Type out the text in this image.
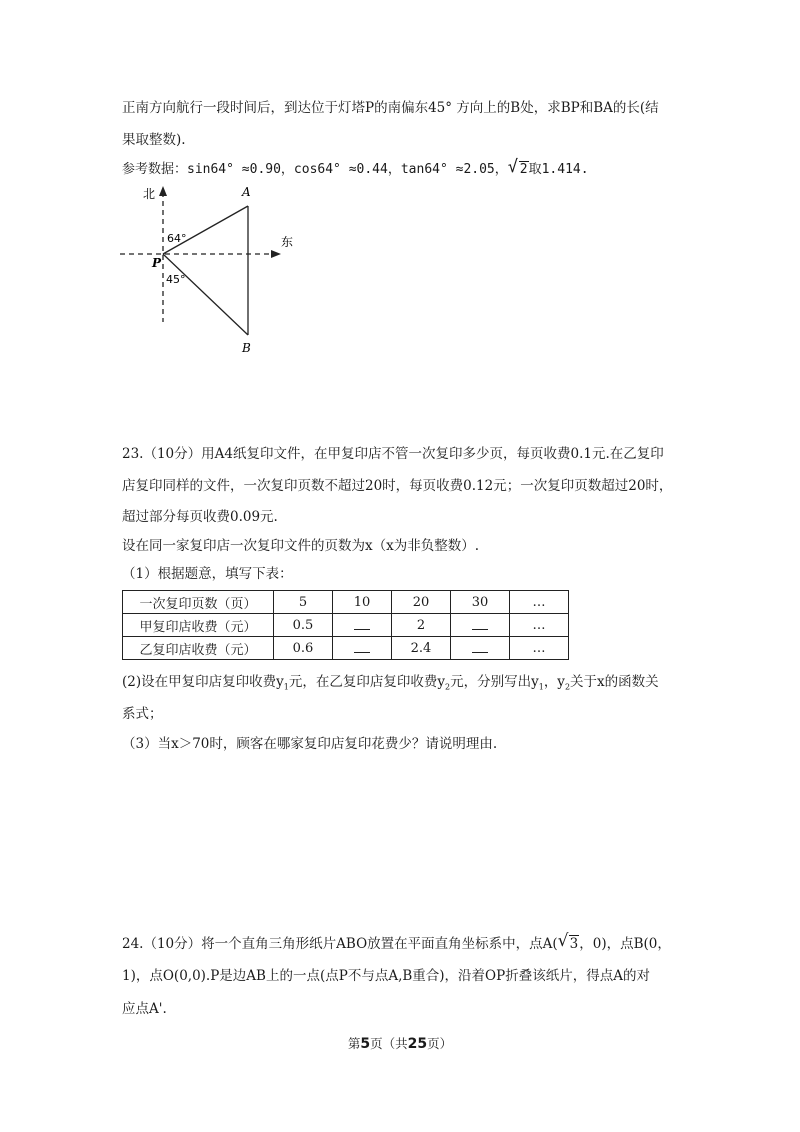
正南方向航行一段时间后，到达位于灯塔P的南偏东45° 方向上的B处，求BP和BA的长(结
果取整数).
参考数据：sin64° ≈0.90，cos64° ≈0.44，tan64° ≈2.05， √ 2取1.414.
北
东
A
B
P
64°
45°
23.（10分）用A4纸复印文件，在甲复印店不管一次复印多少页，每页收费0.1元.在乙复印
店复印同样的文件，一次复印页数不超过20时，每页收费0.12元；一次复印页数超过20时，
超过部分每页收费0.09元.
设在同一家复印店一次复印文件的页数为x（x为非负整数）.
（1）根据题意，填写下表：
一次复印页数（页）	5	10	20	30	…
甲复印店收费（元）	0.5		2		…
乙复印店收费（元）	0.6		2.4		…
(2)设在甲复印店复印收费$y_1$元，在乙复印店复印收费$y_2$元，分别写出$y_1$，$y_2$关于x的函数关
系式；
（3）当x＞70时，顾客在哪家复印店复印花费少？请说明理由.
24.（10分）将一个直角三角形纸片ABO放置在平面直角坐标系中，点A( √ 3，0)，点B(0，
1)，点O(0,0).P是边AB上的一点(点P不与点A,B重合)，沿着OP折叠该纸片，得点A的对
应点A'.
第5页（共25页）
